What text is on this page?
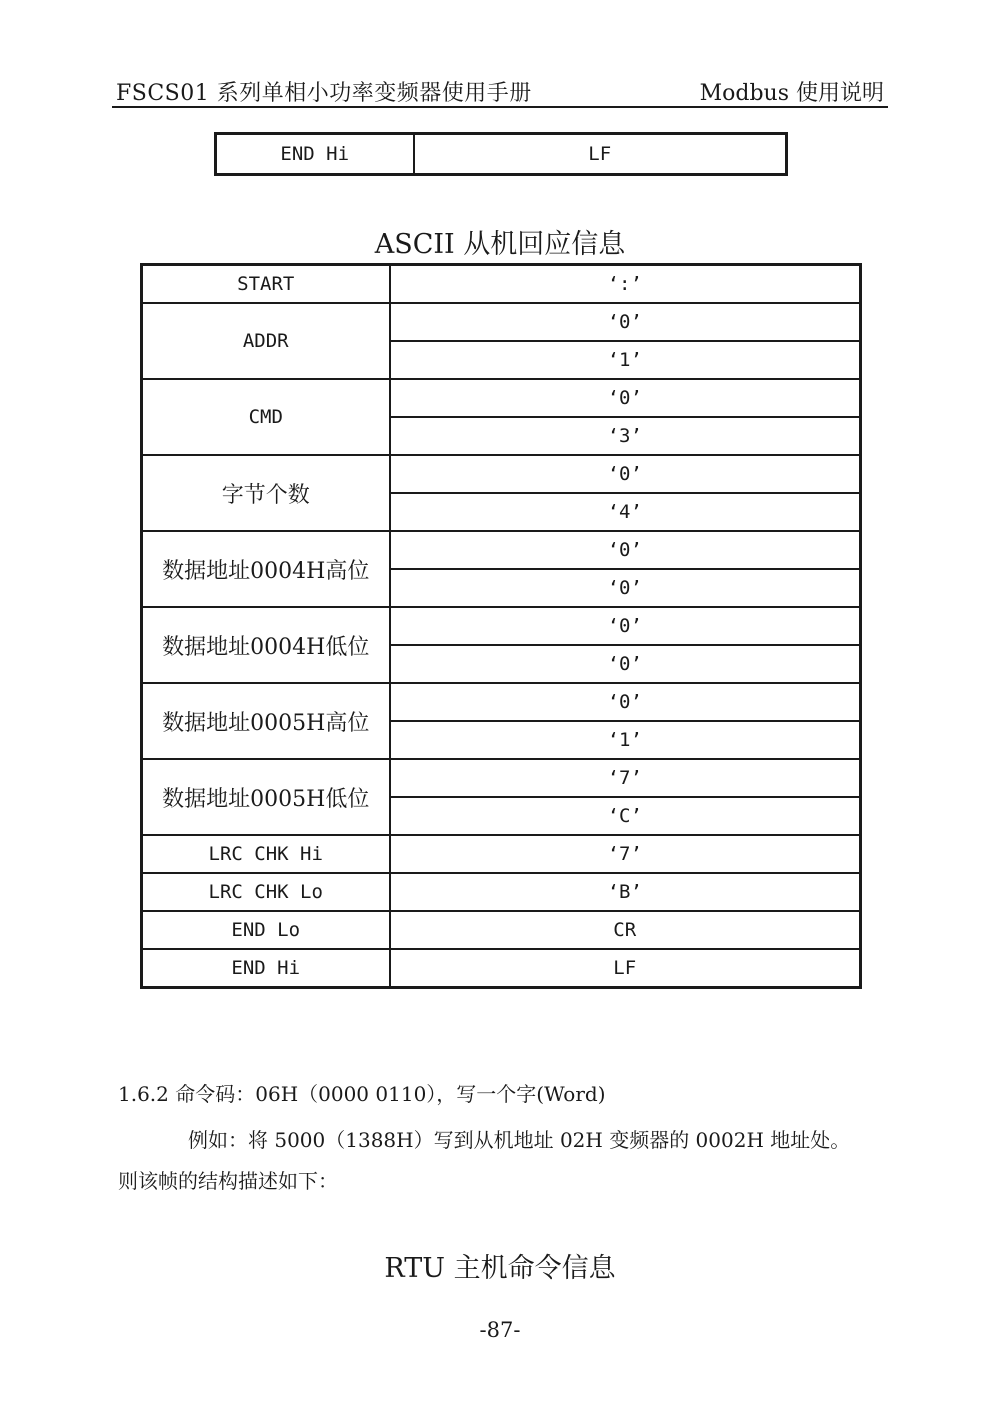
FSCS01 系列单相小功率变频器使用手册	Modbus 使用说明
END Hi	LF
ASCII 从机回应信息
START	‘:’
ADDR	‘0’
	‘1’
CMD	‘0’
	‘3’
字节个数	‘0’
	‘4’
数据地址0004H高位	‘0’
	‘0’
数据地址0004H低位	‘0’
	‘0’
数据地址0005H高位	‘0’
	‘1’
数据地址0005H低位	‘7’
	‘C’
LRC CHK Hi	‘7’
LRC CHK Lo	‘B’
END Lo	CR
END Hi	LF
1.6.2 命令码：06H（0000 0110），写一个字(Word)
例如：将 5000（1388H）写到从机地址 02H 变频器的 0002H 地址处。
则该帧的结构描述如下：
RTU 主机命令信息
-87-
